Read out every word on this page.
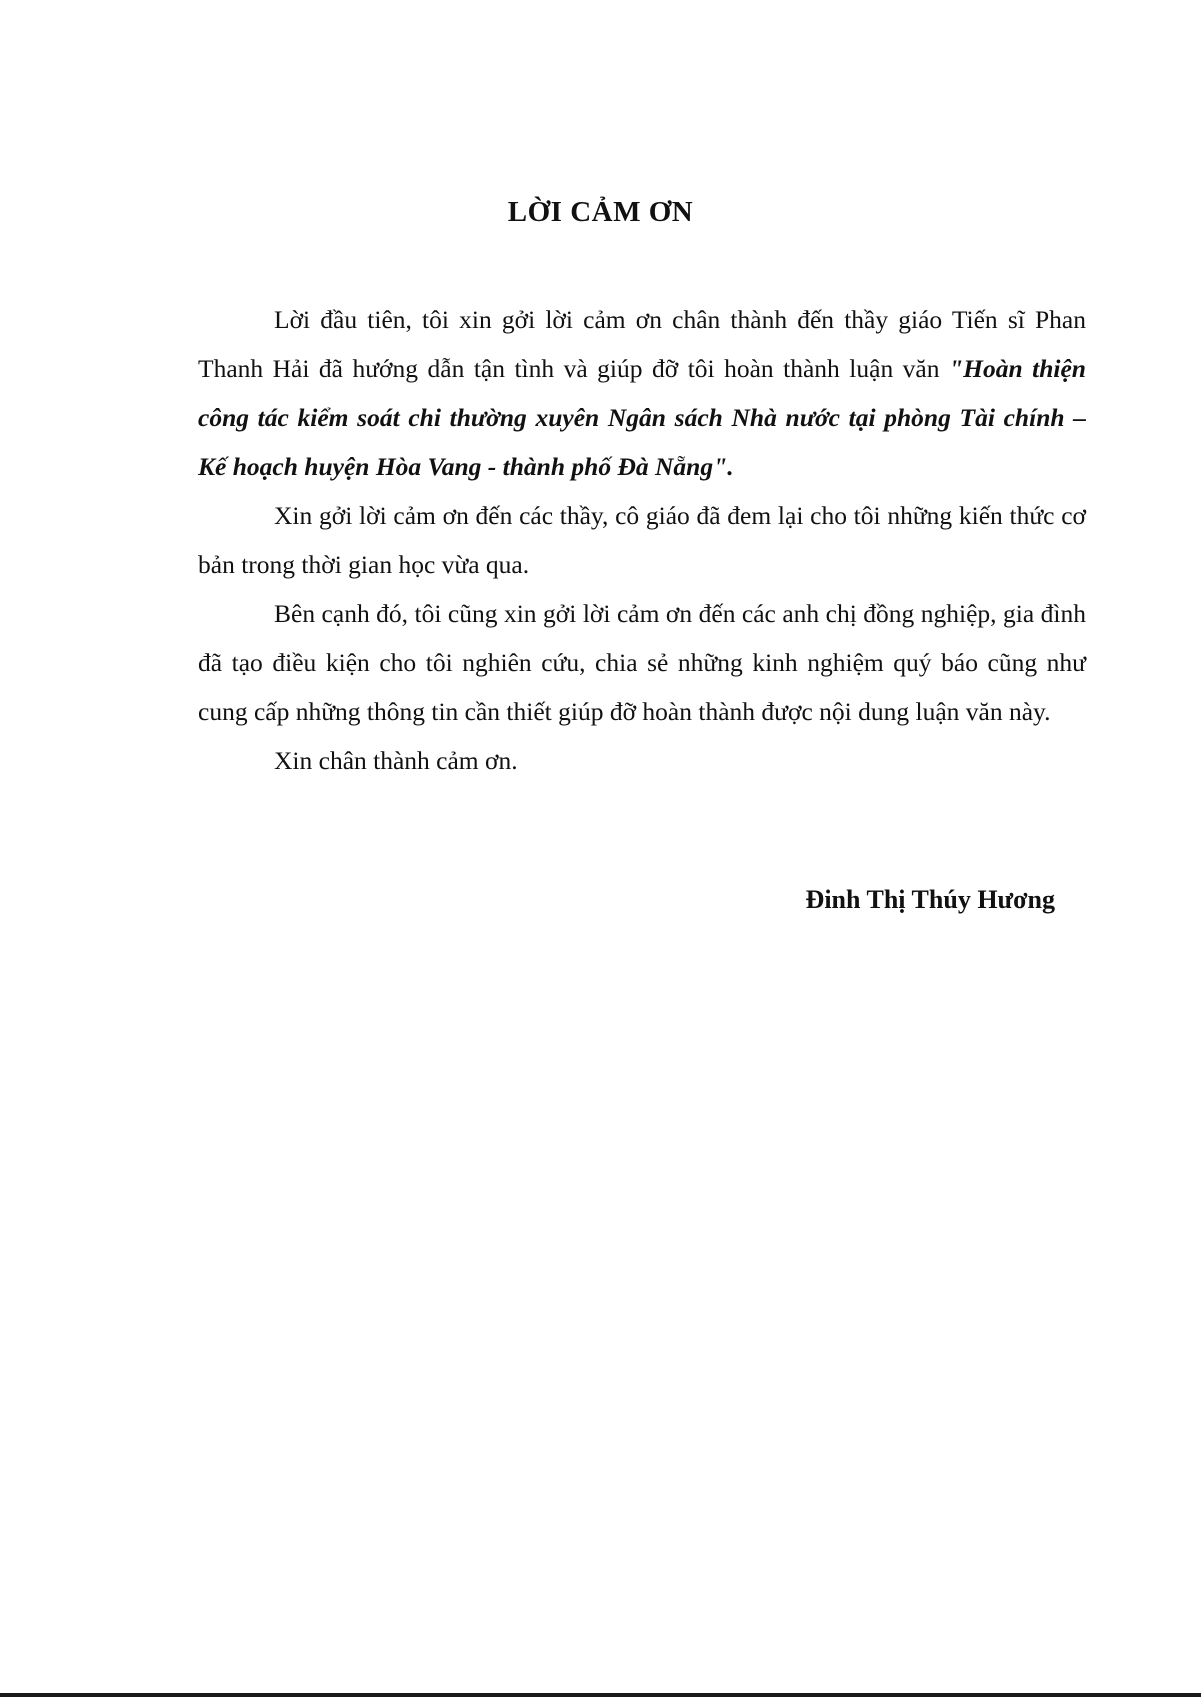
LỜI CẢM ƠN

Lời đầu tiên, tôi xin gởi lời cảm ơn chân thành đến thầy giáo Tiến sĩ Phan Thanh Hải đã hướng dẫn tận tình và giúp đỡ tôi hoàn thành luận văn "Hoàn thiện công tác kiểm soát chi thường xuyên Ngân sách Nhà nước tại phòng Tài chính – Kế hoạch huyện Hòa Vang - thành phố Đà Nẵng".

Xin gởi lời cảm ơn đến các thầy, cô giáo đã đem lại cho tôi những kiến thức cơ bản trong thời gian học vừa qua.

Bên cạnh đó, tôi cũng xin gởi lời cảm ơn đến các anh chị đồng nghiệp, gia đình đã tạo điều kiện cho tôi nghiên cứu, chia sẻ những kinh nghiệm quý báo cũng như cung cấp những thông tin cần thiết giúp đỡ hoàn thành được nội dung luận văn này.

Xin chân thành cảm ơn.

Đinh Thị Thúy Hương
